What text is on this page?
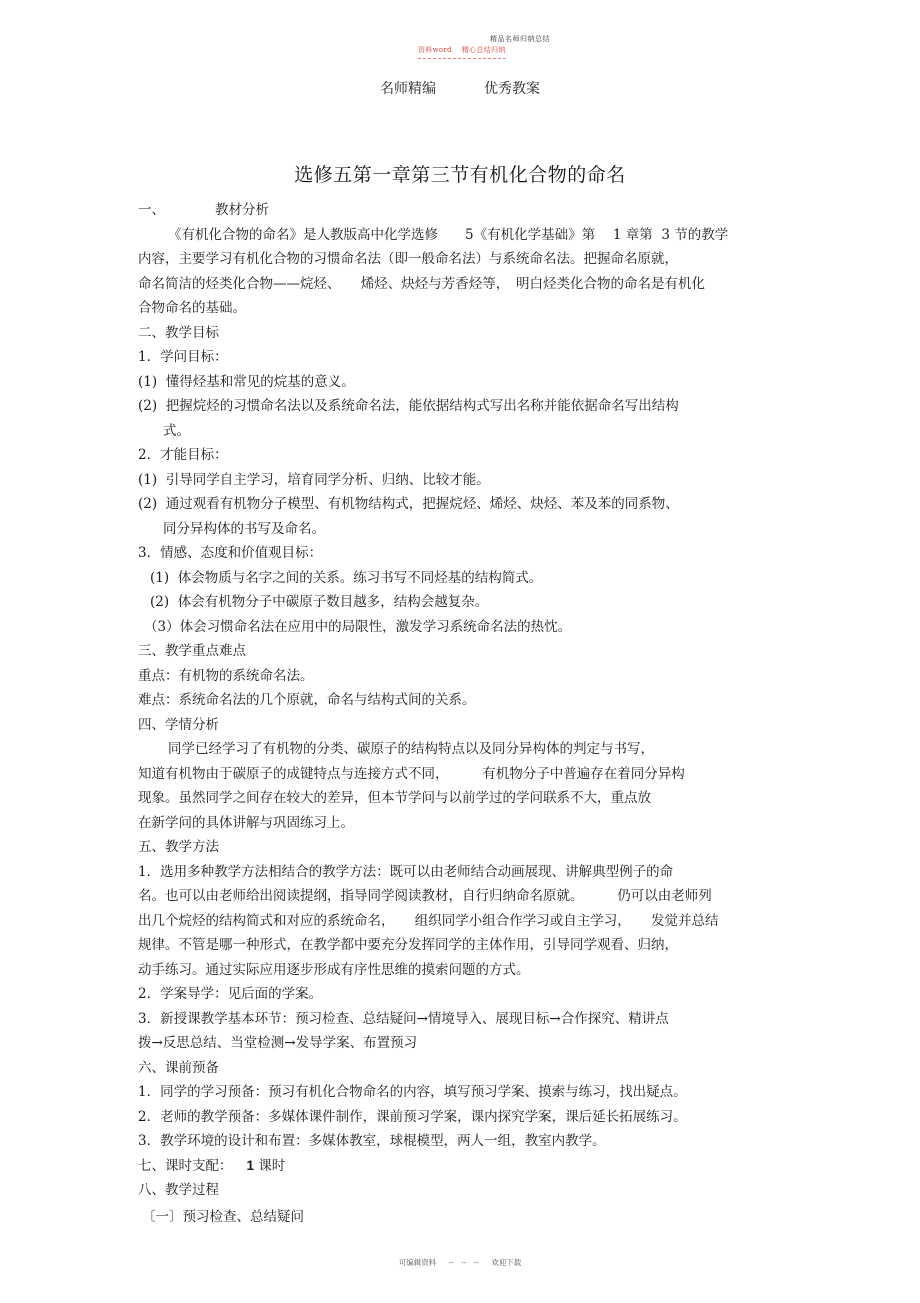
精品名师归纳总结
资料word 精心总结归纳
名师精编	优秀教案
选修五第一章第三节有机化合物的命名
一、	教材分析
《有机化合物的命名》是人教版高中化学选修　　5《有机化学基础》第　 1 章第  3 节的教学
内容，主要学习有机化合物的习惯命名法（即一般命名法）与系统命名法。把握命名原就，
命名简洁的烃类化合物——烷烃、　　烯烃、炔烃与芳香烃等，　明白烃类化合物的命名是有机化
合物命名的基础。
二、教学目标
1．学问目标：
(1)  懂得烃基和常见的烷基的意义。
(2)  把握烷烃的习惯命名法以及系统命名法，能依据结构式写出名称并能依据命名写出结构
式。
2．才能目标：
(1)  引导同学自主学习，培育同学分析、归纳、比较才能。
(2)  通过观看有机物分子模型、有机物结构式，把握烷烃、烯烃、炔烃、苯及苯的同系物、
同分异构体的书写及命名。
3．情感、态度和价值观目标：
(1)  体会物质与名字之间的关系。练习书写不同烃基的结构简式。
(2)  体会有机物分子中碳原子数目越多，结构会越复杂。
（3）体会习惯命名法在应用中的局限性，激发学习系统命名法的热忱。
三、教学重点难点
重点：有机物的系统命名法。
难点：系统命名法的几个原就，命名与结构式间的关系。
四、学情分析
同学已经学习了有机物的分类、碳原子的结构特点以及同分异构体的判定与书写，
知道有机物由于碳原子的成键特点与连接方式不同，　　　有机物分子中普遍存在着同分异构
现象。虽然同学之间存在较大的差异，但本节学问与以前学过的学问联系不大，重点放
在新学问的具体讲解与巩固练习上。
五、教学方法
1．选用多种教学方法相结合的教学方法：既可以由老师结合动画展现、讲解典型例子的命
名。也可以由老师给出阅读提纲，指导同学阅读教材，自行归纳命名原就。　　　仍可以由老师列
出几个烷烃的结构简式和对应的系统命名，　　组织同学小组合作学习或自主学习，　　发觉并总结
规律。不管是哪一种形式，在教学都中要充分发挥同学的主体作用，引导同学观看、归纳，
动手练习。通过实际应用逐步形成有序性思维的摸索问题的方式。
2．学案导学：见后面的学案。
3．新授课教学基本环节：预习检查、总结疑问→情境导入、展现目标→合作探究、精讲点
拨→反思总结、当堂检测→发导学案、布置预习
六、课前预备
1．同学的学习预备：预习有机化合物命名的内容，填写预习学案、摸索与练习，找出疑点。
2．老师的教学预备：多媒体课件制作，课前预习学案，课内探究学案，课后延长拓展练习。
3．教学环境的设计和布置：多媒体教室，球棍模型，两人一组，教室内教学。
七、课时支配： 1 课时
八、教学过程
〔一〕预习检查、总结疑问
可编辑资料 --　--　-- 欢迎下载
